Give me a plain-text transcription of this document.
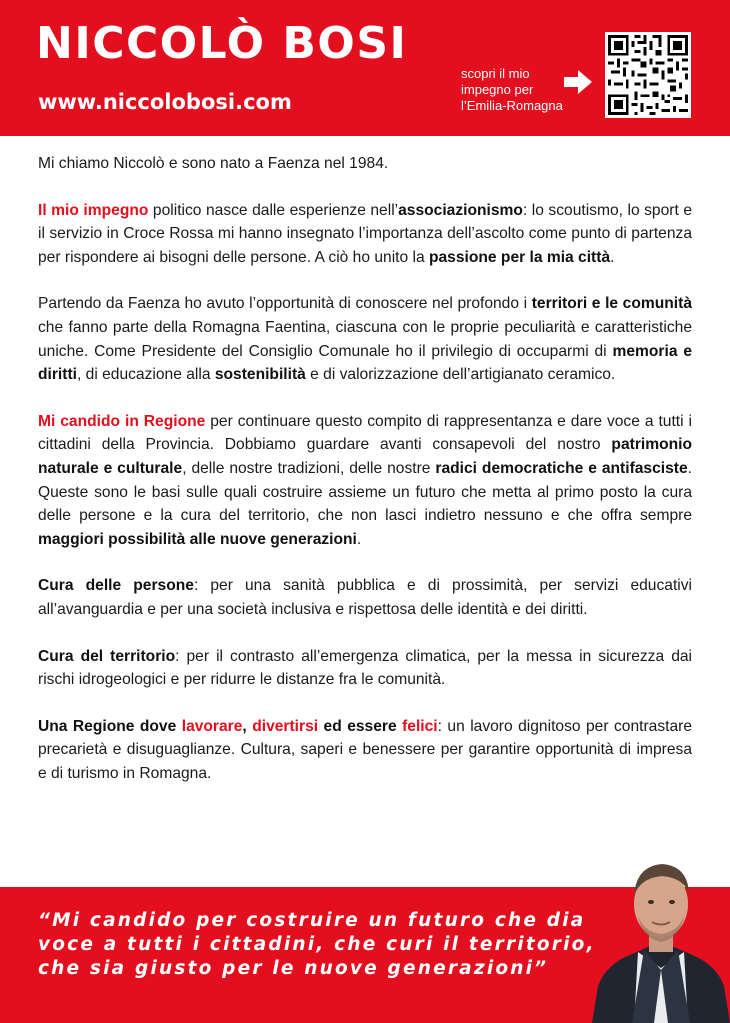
NICCOLÒ BOSI
www.niccolobosi.com
scopri il mio
impegno per
l’Emilia-Romagna

Mi chiamo Niccolò e sono nato a Faenza nel 1984.

Il mio impegno politico nasce dalle esperienze nell’associazionismo: lo scoutismo, lo sport e il servizio in Croce Rossa mi hanno insegnato l’importanza dell’ascolto come punto di partenza per rispondere ai bisogni delle persone. A ciò ho unito la passione per la mia città.

Partendo da Faenza ho avuto l’opportunità di conoscere nel profondo i territori e le comunità che fanno parte della Romagna Faentina, ciascuna con le proprie peculiarità e caratteristiche uniche. Come Presidente del Consiglio Comunale ho il privilegio di occuparmi di memoria e diritti, di educazione alla sostenibilità e di valorizzazione dell’artigianato ceramico.

Mi candido in Regione per continuare questo compito di rappresentanza e dare voce a tutti i cittadini della Provincia. Dobbiamo guardare avanti consapevoli del nostro patrimonio naturale e culturale, delle nostre tradizioni, delle nostre radici democratiche e antifasciste. Queste sono le basi sulle quali costruire assieme un futuro che metta al primo posto la cura delle persone e la cura del territorio, che non lasci indietro nessuno e che offra sempre maggiori possibilità alle nuove generazioni.

Cura delle persone: per una sanità pubblica e di prossimità, per servizi educativi all’avanguardia e per una società inclusiva e rispettosa delle identità e dei diritti.

Cura del territorio: per il contrasto all’emergenza climatica, per la messa in sicurezza dai rischi idrogeologici e per ridurre le distanze fra le comunità.

Una Regione dove lavorare, divertirsi ed essere felici: un lavoro dignitoso per contrastare precarietà e disuguaglianze. Cultura, saperi e benessere per garantire opportunità di impresa e di turismo in Romagna.

“Mi candido per costruire un futuro che dia
voce a tutti i cittadini, che curi il territorio,
che sia giusto per le nuove generazioni”
